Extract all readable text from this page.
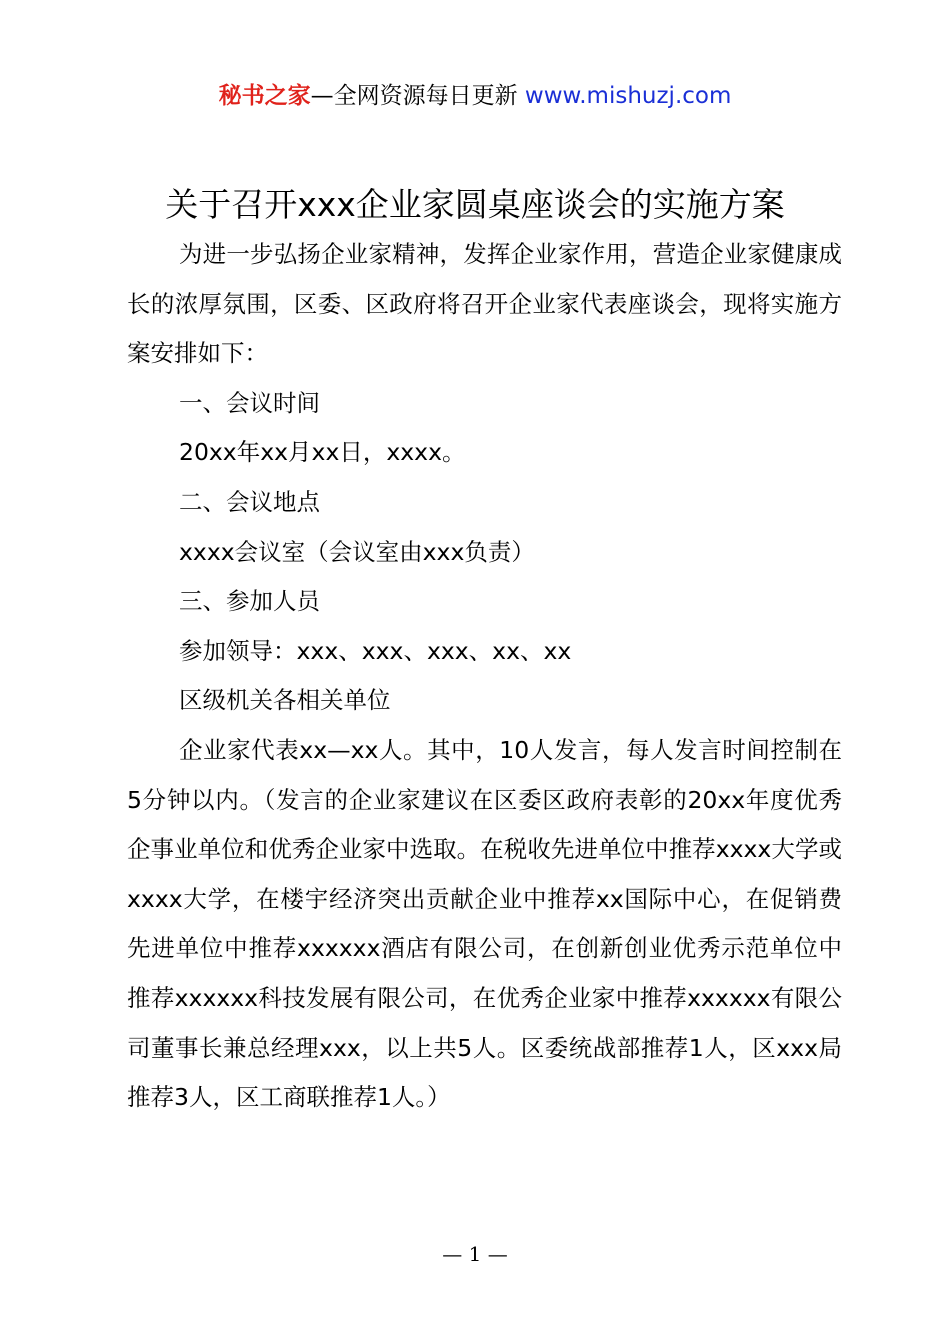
秘书之家—全网资源每日更新 www.mishuzj.com
关于召开xxx企业家圆桌座谈会的实施方案

为进一步弘扬企业家精神，发挥企业家作用，营造企业家健康成长的浓厚氛围，区委、区政府将召开企业家代表座谈会，现将实施方案安排如下：

一、会议时间

20xx年xx月xx日，xxxx。

二、会议地点

xxxx会议室（会议室由xxx负责）

三、参加人员

参加领导：xxx、xxx、xxx、xx、xx

区级机关各相关单位

企业家代表xx—xx人。其中，10人发言，每人发言时间控制在5分钟以内。（发言的企业家建议在区委区政府表彰的20xx年度优秀企事业单位和优秀企业家中选取。在税收先进单位中推荐xxxx大学或xxxx大学，在楼宇经济突出贡献企业中推荐xx国际中心，在促销费先进单位中推荐xxxxxx酒店有限公司，在创新创业优秀示范单位中推荐xxxxxx科技发展有限公司，在优秀企业家中推荐xxxxxx有限公司董事长兼总经理xxx，以上共5人。区委统战部推荐1人，区xxx局推荐3人，区工商联推荐1人。）

— 1 —
